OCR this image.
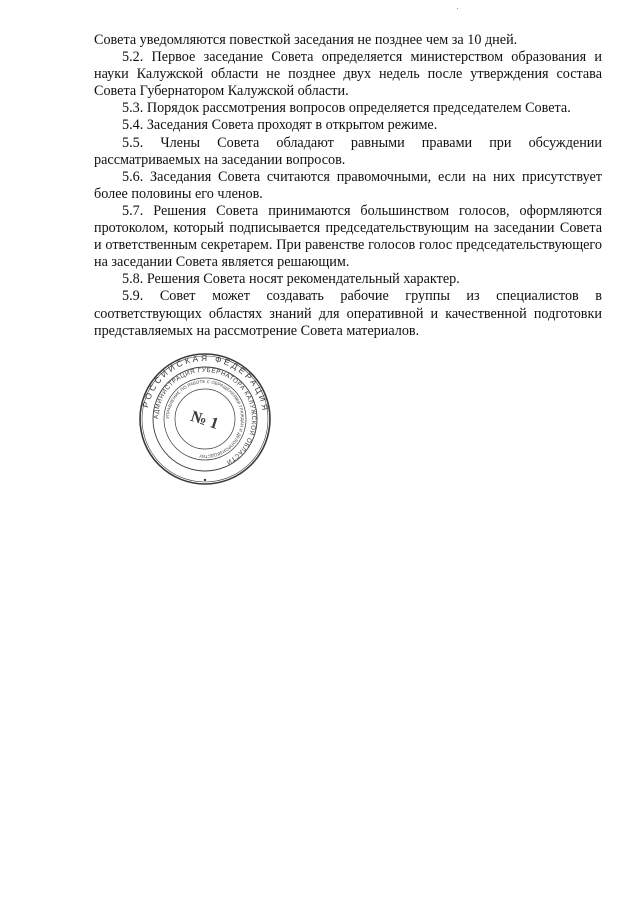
Совета уведомляются повесткой заседания не позднее чем за 10 дней.

5.2. Первое заседание Совета определяется министерством образования и науки Калужской области не позднее двух недель после утверждения состава Совета Губернатором Калужской области.

5.3. Порядок рассмотрения вопросов определяется председателем Совета.

5.4. Заседания Совета проходят в открытом режиме.

5.5. Члены Совета обладают равными правами при обсуждении рассматриваемых на заседании вопросов.

5.6. Заседания Совета считаются правомочными, если на них присутствует более половины его членов.

5.7. Решения Совета принимаются большинством голосов, оформляются протоколом, который подписывается председательствующим на заседании Совета и ответственным секретарем. При равенстве голосов голос председательствующего на заседании Совета является решающим.

5.8. Решения Совета носят рекомендательный характер.

5.9. Совет может создавать рабочие группы из специалистов в соответствующих областях знаний для оперативной и качественной подготовки представляемых на рассмотрение Совета материалов.

РОССИЙСКАЯ ФЕДЕРАЦИЯ
АДМИНИСТРАЦИЯ ГУБЕРНАТОРА КАЛУЖСКОЙ ОБЛАСТИ
УПРАВЛЕНИЕ ПО РАБОТЕ С ОБРАЩЕНИЯМИ ГРАЖДАН И ДЕЛОПРОИЗВОДСТВУ
№ 1
